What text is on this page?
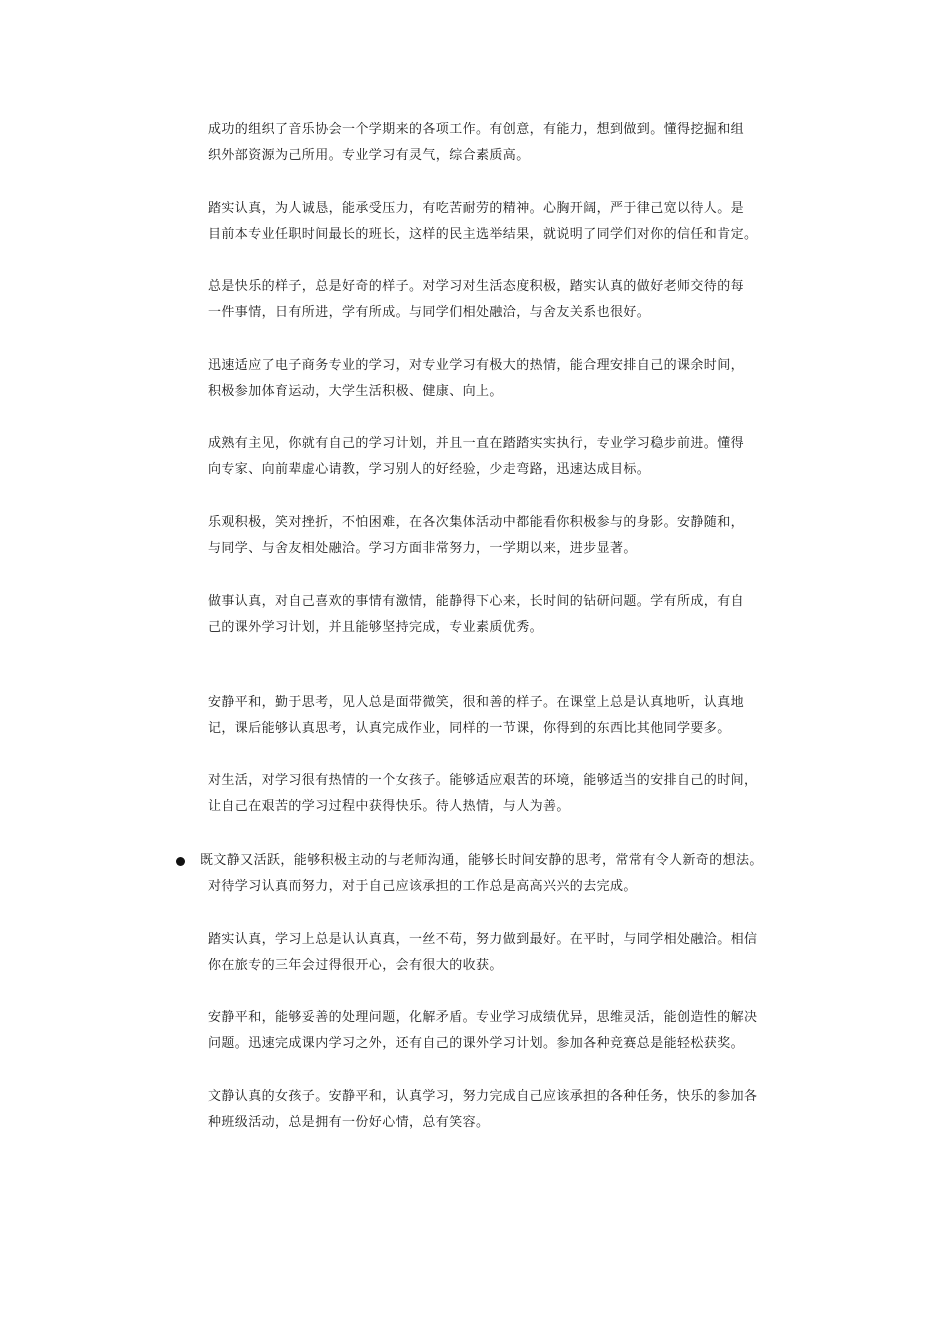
成功的组织了音乐协会一个学期来的各项工作。有创意，有能力，想到做到。懂得挖掘和组
织外部资源为己所用。专业学习有灵气，综合素质高。

踏实认真，为人诚恳，能承受压力，有吃苦耐劳的精神。心胸开阔，严于律己宽以待人。是
目前本专业任职时间最长的班长，这样的民主选举结果，就说明了同学们对你的信任和肯定。

总是快乐的样子，总是好奇的样子。对学习对生活态度积极，踏实认真的做好老师交待的每
一件事情，日有所进，学有所成。与同学们相处融洽，与舍友关系也很好。

迅速适应了电子商务专业的学习，对专业学习有极大的热情，能合理安排自己的课余时间，
积极参加体育运动，大学生活积极、健康、向上。

成熟有主见，你就有自己的学习计划，并且一直在踏踏实实执行，专业学习稳步前进。懂得
向专家、向前辈虚心请教，学习别人的好经验，少走弯路，迅速达成目标。

乐观积极，笑对挫折，不怕困难，在各次集体活动中都能看你积极参与的身影。安静随和，
与同学、与舍友相处融洽。学习方面非常努力，一学期以来，进步显著。

做事认真，对自己喜欢的事情有激情，能静得下心来，长时间的钻研问题。学有所成，有自
己的课外学习计划，并且能够坚持完成，专业素质优秀。

安静平和，勤于思考，见人总是面带微笑，很和善的样子。在课堂上总是认真地听，认真地
记，课后能够认真思考，认真完成作业，同样的一节课，你得到的东西比其他同学要多。

对生活，对学习很有热情的一个女孩子。能够适应艰苦的环境，能够适当的安排自己的时间，
让自己在艰苦的学习过程中获得快乐。待人热情，与人为善。

既文静又活跃，能够积极主动的与老师沟通，能够长时间安静的思考，常常有令人新奇的想法。
对待学习认真而努力，对于自己应该承担的工作总是高高兴兴的去完成。

踏实认真，学习上总是认认真真，一丝不苟，努力做到最好。在平时，与同学相处融洽。相信
你在旅专的三年会过得很开心，会有很大的收获。

安静平和，能够妥善的处理问题，化解矛盾。专业学习成绩优异，思维灵活，能创造性的解决
问题。迅速完成课内学习之外，还有自己的课外学习计划。参加各种竞赛总是能轻松获奖。

文静认真的女孩子。安静平和，认真学习，努力完成自己应该承担的各种任务，快乐的参加各
种班级活动，总是拥有一份好心情，总有笑容。
